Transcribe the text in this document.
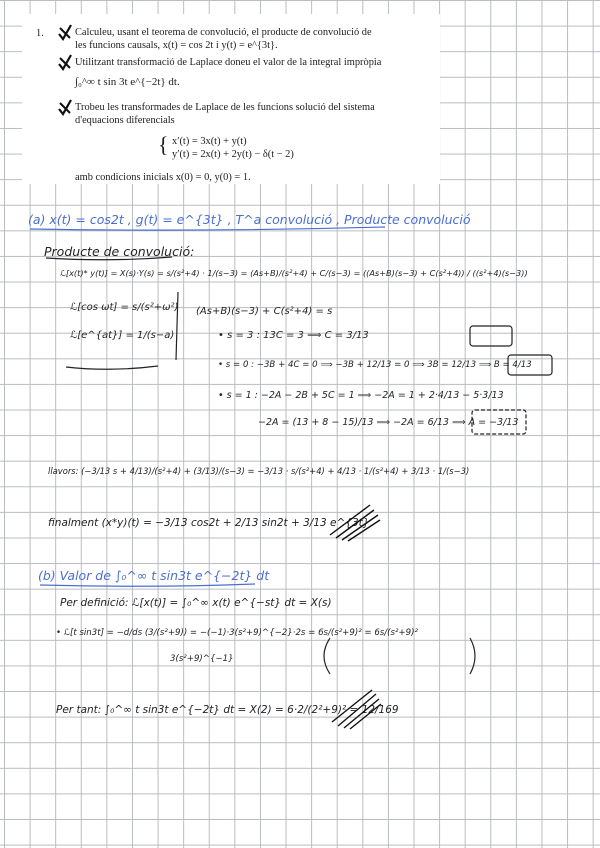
1.	Calculeu, usant el teorema de convolució, el producte de convolució de
les funcions causals, x(t) = cos 2t i y(t) = e^{3t}.
Utilitzant transformació de Laplace doneu el valor de la integral impròpia
∫₀^∞ t sin 3t e^{−2t} dt.
Trobeu les transformades de Laplace de les funcions solució del sistema
d'equacions diferencials
{ x′(t) = 3x(t) + y(t)
y′(t) = 2x(t) + 2y(t) − δ(t − 2)
amb condicions inicials x(0) = 0, y(0) = 1.
(a) x(t) = cos2t , g(t) = e^{3t} , T^a convolució , Producte convolució
Producte de convolució:
ℒ[x(t)* y(t)] = X(s)·Y(s) = s/(s²+4) · 1/(s−3) = (As+B)/(s²+4) + C/(s−3) = ((As+B)(s−3) + C(s²+4)) / ((s²+4)(s−3))
ℒ[cos ωt] = s/(s²+ω²)
ℒ[e^{at}] = 1/(s−a)
(As+B)(s−3) + C(s²+4) = s
• s = 3 : 13C = 3 ⟹ C = 3/13
• s = 0 : −3B + 4C = 0 ⟹ −3B + 12/13 = 0 ⟹ 3B = 12/13 ⟹ B = 4/13
• s = 1 : −2A − 2B + 5C = 1 ⟹ −2A = 1 + 2·4/13 − 5·3/13
−2A = (13 + 8 − 15)/13 ⟹ −2A = 6/13 ⟹ A = −3/13
llavors: (−3/13 s + 4/13)/(s²+4) + (3/13)/(s−3) = −3/13 · s/(s²+4) + 4/13 · 1/(s²+4) + 3/13 · 1/(s−3)
finalment (x*y)(t) = −3/13 cos2t + 2/13 sin2t + 3/13 e^{3t}
(b) Valor de ∫₀^∞ t sin3t e^{−2t} dt
Per definició: ℒ[x(t)] = ∫₀^∞ x(t) e^{−st} dt = X(s)
• ℒ[t sin3t] = −d/ds (3/(s²+9)) = −(−1)·3(s²+9)^{−2}·2s = 6s/(s²+9)² = 6s/(s²+9)²
3(s²+9)^{−1}
Per tant: ∫₀^∞ t sin3t e^{−2t} dt = X(2) = 6·2/(2²+9)² = 12/169
